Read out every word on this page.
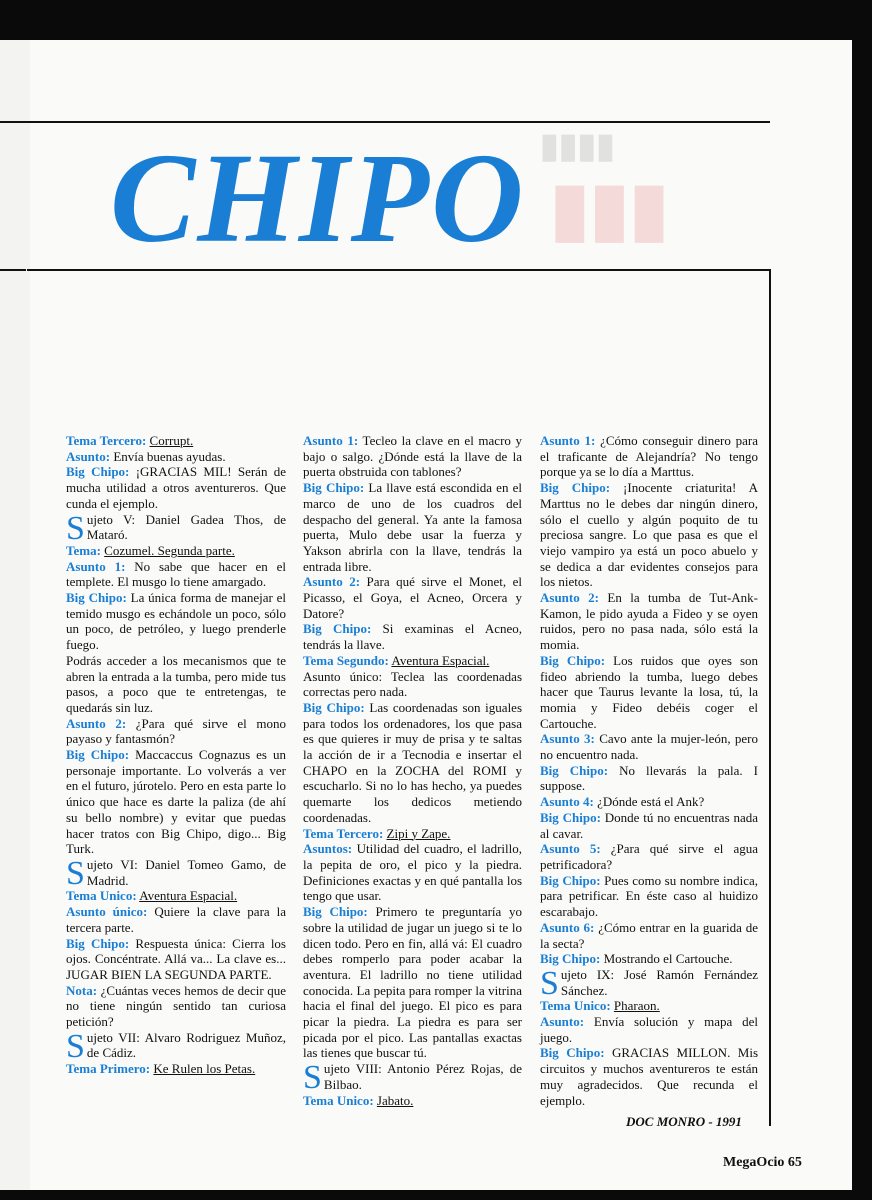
▮▮▮▮
▮▮▮
CHIPO

Tema Tercero: Corrupt.

Asunto: Envía buenas ayudas.

Big Chipo: ¡GRACIAS MIL! Serán de mucha utilidad a otros aventureros. Que cunda el ejemplo.

Sujeto V: Daniel Gadea Thos, de Mataró.

Tema: Cozumel. Segunda parte.

Asunto 1: No sabe que hacer en el templete. El musgo lo tiene amargado.

Big Chipo: La única forma de manejar el temido musgo es echándole un poco, sólo un poco, de petróleo, y luego prenderle fuego.

Podrás acceder a los mecanismos que te abren la entrada a la tumba, pero mide tus pasos, a poco que te entretengas, te quedarás sin luz.

Asunto 2: ¿Para qué sirve el mono payaso y fantasmón?

Big Chipo: Maccaccus Cognazus es un personaje importante. Lo volverás a ver en el futuro, júrotelo. Pero en esta parte lo único que hace es darte la paliza (de ahí su bello nombre) y evitar que puedas hacer tratos con Big Chipo, digo... Big Turk.

Sujeto VI: Daniel Tomeo Gamo, de Madrid.

Tema Unico: Aventura Espacial.

Asunto único: Quiere la clave para la tercera parte.

Big Chipo: Respuesta única: Cierra los ojos. Concéntrate. Allá va... La clave es... JUGAR BIEN LA SEGUNDA PARTE.

Nota: ¿Cuántas veces hemos de decir que no tiene ningún sentido tan curiosa petición?

Sujeto VII: Alvaro Rodriguez Muñoz, de Cádiz.

Tema Primero: Ke Rulen los Petas.

Asunto 1: Tecleo la clave en el macro y bajo o salgo. ¿Dónde está la llave de la puerta obstruida con tablones?

Big Chipo: La llave está escondida en el marco de uno de los cuadros del despacho del general. Ya ante la famosa puerta, Mulo debe usar la fuerza y Yakson abrirla con la llave, tendrás la entrada libre.

Asunto 2: Para qué sirve el Monet, el Picasso, el Goya, el Acneo, Orcera y Datore?

Big Chipo: Si examinas el Acneo, tendrás la llave.

Tema Segundo: Aventura Espacial.

Asunto único: Teclea las coordenadas correctas pero nada.

Big Chipo: Las coordenadas son iguales para todos los ordenadores, los que pasa es que quieres ir muy de prisa y te saltas la acción de ir a Tecnodia e insertar el CHAPO en la ZOCHA del ROMI y escucharlo. Si no lo has hecho, ya puedes quemarte los dedicos metiendo coordenadas.

Tema Tercero: Zipi y Zape.

Asuntos: Utilidad del cuadro, el ladrillo, la pepita de oro, el pico y la piedra. Definiciones exactas y en qué pantalla los tengo que usar.

Big Chipo: Primero te preguntaría yo sobre la utilidad de jugar un juego si te lo dicen todo. Pero en fin, allá vá: El cuadro debes romperlo para poder acabar la aventura. El ladrillo no tiene utilidad conocida. La pepita para romper la vitrina hacia el final del juego. El pico es para picar la piedra. La piedra es para ser picada por el pico. Las pantallas exactas las tienes que buscar tú.

Sujeto VIII: Antonio Pérez Rojas, de Bilbao.

Tema Unico: Jabato.

Asunto 1: ¿Cómo conseguir dinero para el traficante de Alejandría? No tengo porque ya se lo día a Marttus.

Big Chipo: ¡Inocente criaturita! A Marttus no le debes dar ningún dinero, sólo el cuello y algún poquito de tu preciosa sangre. Lo que pasa es que el viejo vampiro ya está un poco abuelo y se dedica a dar evidentes consejos para los nietos.

Asunto 2: En la tumba de Tut-Ank-Kamon, le pido ayuda a Fideo y se oyen ruidos, pero no pasa nada, sólo está la momia.

Big Chipo: Los ruidos que oyes son fideo abriendo la tumba, luego debes hacer que Taurus levante la losa, tú, la momia y Fideo debéis coger el Cartouche.

Asunto 3: Cavo ante la mujer-león, pero no encuentro nada.

Big Chipo: No llevarás la pala. I suppose.

Asunto 4: ¿Dónde está el Ank?

Big Chipo: Donde tú no encuentras nada al cavar.

Asunto 5: ¿Para qué sirve el agua petrificadora?

Big Chipo: Pues como su nombre indica, para petrificar. En éste caso al huidizo escarabajo.

Asunto 6: ¿Cómo entrar en la guarida de la secta?

Big Chipo: Mostrando el Cartouche.

Sujeto IX: José Ramón Fernández Sánchez.

Tema Unico: Pharaon.

Asunto: Envía solución y mapa del juego.

Big Chipo: GRACIAS MILLON. Mis circuitos y muchos aventureros te están muy agradecidos. Que recunda el ejemplo.

DOC MONRO - 1991

MegaOcio 65
